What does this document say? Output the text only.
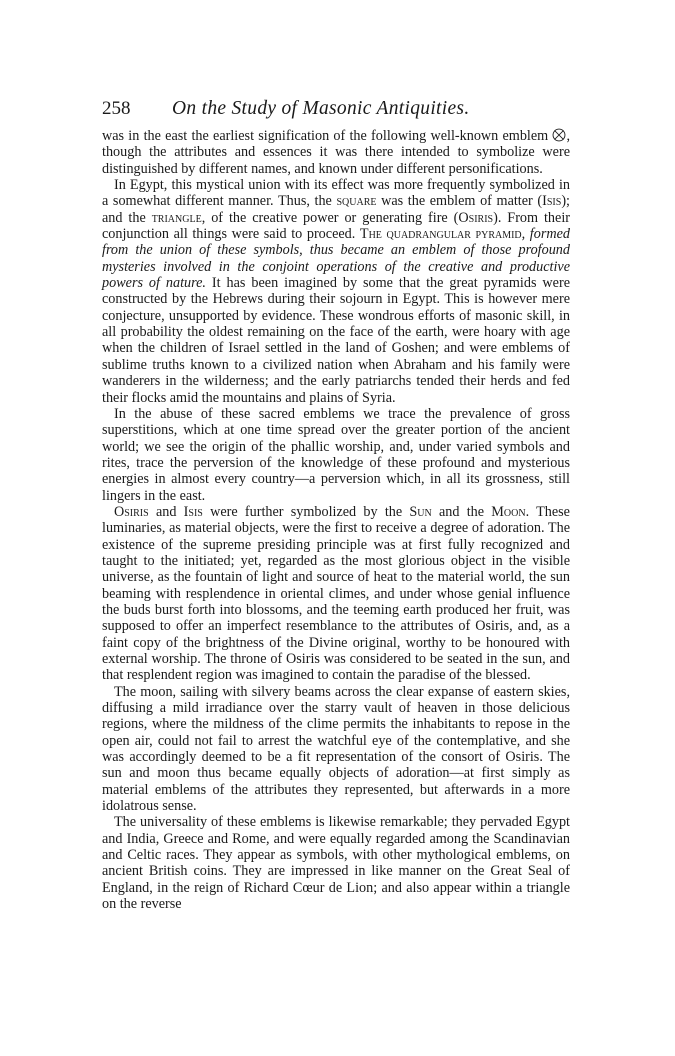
258 On the Study of Masonic Antiquities.

was in the east the earliest signification of the following well-known emblem , though the attributes and essences it was there intended to symbolize were distinguished by different names, and known under different personifications.

In Egypt, this mystical union with its effect was more frequently symbolized in a somewhat different manner. Thus, the square was the emblem of matter (Isis); and the triangle, of the creative power or generating fire (Osiris). From their conjunction all things were said to proceed. The quadrangular pyramid, formed from the union of these symbols, thus became an emblem of those profound mysteries involved in the conjoint operations of the creative and productive powers of nature. It has been imagined by some that the great pyramids were constructed by the Hebrews during their sojourn in Egypt. This is however mere conjecture, unsupported by evidence. These wondrous efforts of masonic skill, in all probability the oldest remaining on the face of the earth, were hoary with age when the children of Israel settled in the land of Goshen; and were emblems of sublime truths known to a civilized nation when Abraham and his family were wanderers in the wilderness; and the early patriarchs tended their herds and fed their flocks amid the mountains and plains of Syria.

In the abuse of these sacred emblems we trace the prevalence of gross superstitions, which at one time spread over the greater portion of the ancient world; we see the origin of the phallic worship, and, under varied symbols and rites, trace the perversion of the knowledge of these profound and mysterious energies in almost every country—a perversion which, in all its grossness, still lingers in the east.

Osiris and Isis were further symbolized by the Sun and the Moon. These luminaries, as material objects, were the first to receive a degree of adoration. The existence of the supreme presiding principle was at first fully recognized and taught to the initiated; yet, regarded as the most glorious object in the visible universe, as the fountain of light and source of heat to the material world, the sun beaming with resplendence in oriental climes, and under whose genial influence the buds burst forth into blossoms, and the teeming earth produced her fruit, was supposed to offer an imperfect resemblance to the attributes of Osiris, and, as a faint copy of the brightness of the Divine original, worthy to be honoured with external worship. The throne of Osiris was considered to be seated in the sun, and that resplendent region was imagined to contain the paradise of the blessed.

The moon, sailing with silvery beams across the clear expanse of eastern skies, diffusing a mild irradiance over the starry vault of heaven in those delicious regions, where the mildness of the clime permits the inhabitants to repose in the open air, could not fail to arrest the watchful eye of the contemplative, and she was accordingly deemed to be a fit representation of the consort of Osiris. The sun and moon thus became equally objects of adoration—at first simply as material emblems of the attributes they represented, but afterwards in a more idolatrous sense.

The universality of these emblems is likewise remarkable; they pervaded Egypt and India, Greece and Rome, and were equally regarded among the Scandinavian and Celtic races. They appear as symbols, with other mythological emblems, on ancient British coins. They are impressed in like manner on the Great Seal of England, in the reign of Richard Cœur de Lion; and also appear within a triangle on the reverse
